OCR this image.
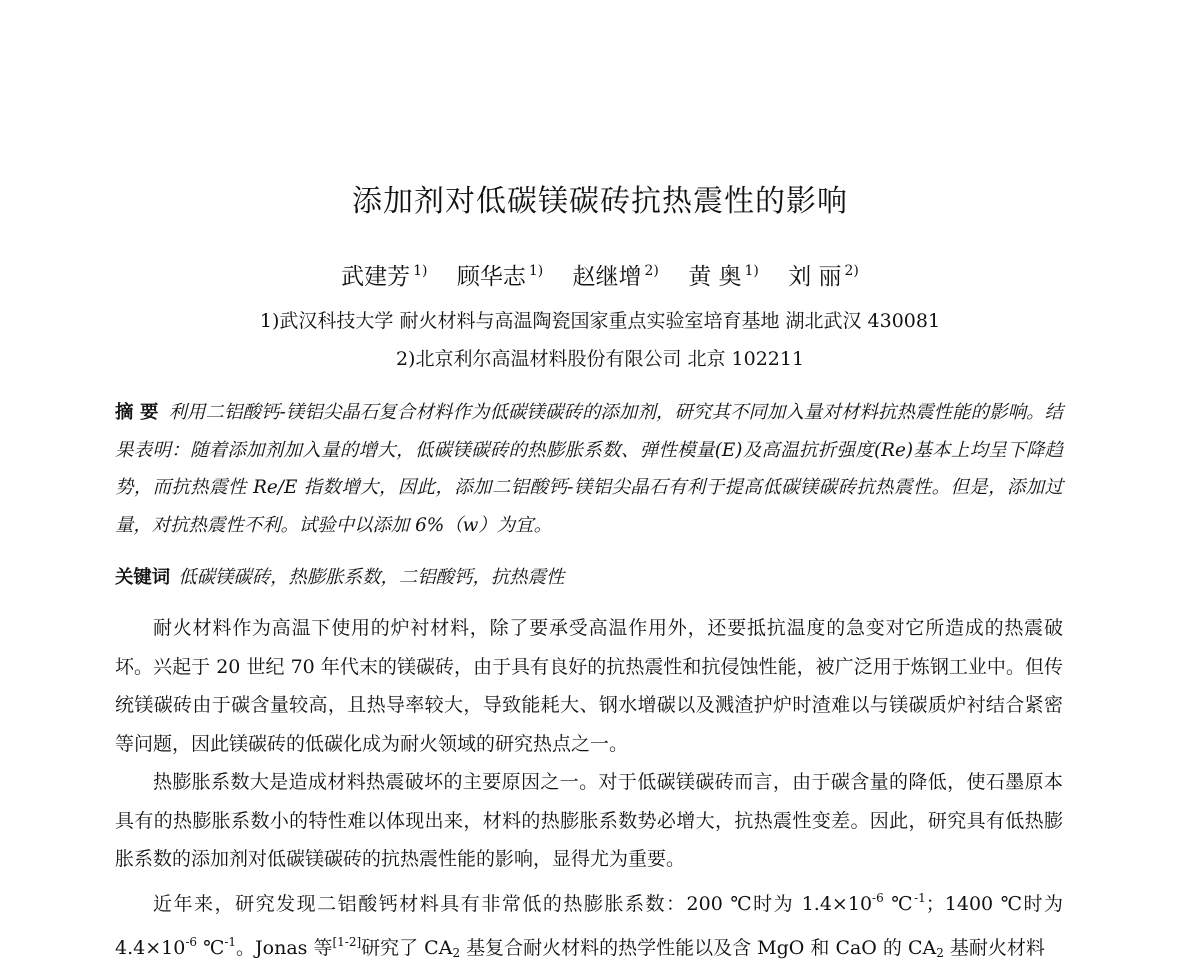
添加剂对低碳镁碳砖抗热震性的影响
武建芳 $^{1)}$ 顾华志 $^{1)}$ 赵继增 $^{2)}$ 黄 奥 $^{1)}$ 刘 丽 $^{2)}$
1)武汉科技大学 耐火材料与高温陶瓷国家重点实验室培育基地 湖北武汉 430081
2)北京利尔高温材料股份有限公司 北京 102211
摘 要 利用二铝酸钙-镁铝尖晶石复合材料作为低碳镁碳砖的添加剂，研究其不同加入量对材料抗热震性能的影响。结果表明：随着添加剂加入量的增大，低碳镁碳砖的热膨胀系数、弹性模量(E)及高温抗折强度(Re)基本上均呈下降趋势，而抗热震性 Re/E 指数增大，因此，添加二铝酸钙-镁铝尖晶石有利于提高低碳镁碳砖抗热震性。但是，添加过量，对抗热震性不利。试验中以添加 6%（w）为宜。
关键词 低碳镁碳砖，热膨胀系数，二铝酸钙，抗热震性

耐火材料作为高温下使用的炉衬材料，除了要承受高温作用外，还要抵抗温度的急变对它所造成的热震破坏。兴起于 20 世纪 70 年代末的镁碳砖，由于具有良好的抗热震性和抗侵蚀性能，被广泛用于炼钢工业中。但传统镁碳砖由于碳含量较高，且热导率较大，导致能耗大、钢水增碳以及溅渣护炉时渣难以与镁碳质炉衬结合紧密等问题，因此镁碳砖的低碳化成为耐火领域的研究热点之一。

热膨胀系数大是造成材料热震破坏的主要原因之一。对于低碳镁碳砖而言，由于碳含量的降低，使石墨原本具有的热膨胀系数小的特性难以体现出来，材料的热膨胀系数势必增大，抗热震性变差。因此，研究具有低热膨胀系数的添加剂对低碳镁碳砖的抗热震性能的影响，显得尤为重要。

近年来，研究发现二铝酸钙材料具有非常低的热膨胀系数：200 ℃时为 $1.4\times 10^{-6}$ ℃$^{-1}$；1400 ℃时为 $4.4\times 10^{-6}$ ℃$^{-1}$。Jonas 等[1-2]研究了 $CA_2$ 基复合耐火材料的热学性能以及含 MgO 和 CaO 的 $CA_2$ 基耐火材料
